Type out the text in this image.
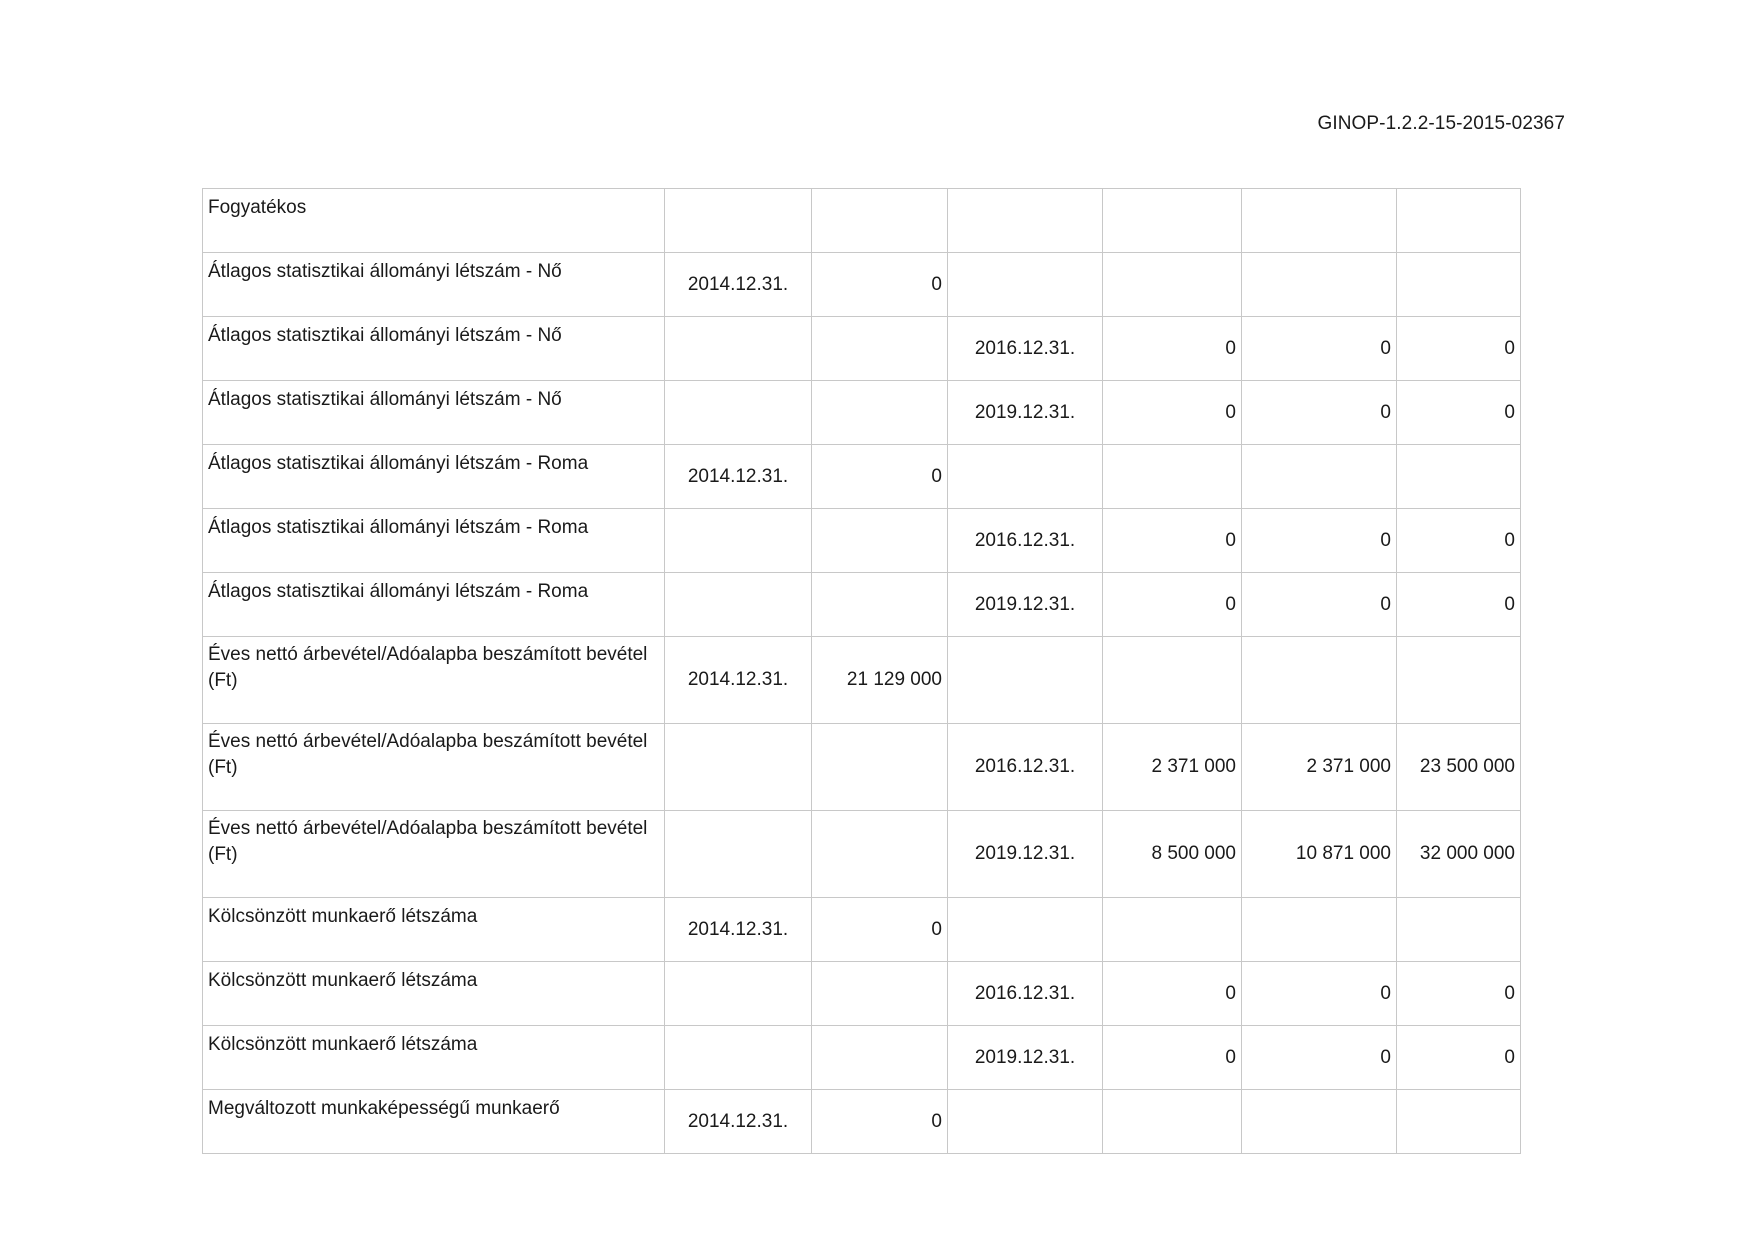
GINOP-1.2.2-15-2015-02367
Fogyatékos						
Átlagos statisztikai állományi létszám - Nő	2014.12.31.	0				
Átlagos statisztikai állományi létszám - Nő			2016.12.31.	0	0	0
Átlagos statisztikai állományi létszám - Nő			2019.12.31.	0	0	0
Átlagos statisztikai állományi létszám - Roma	2014.12.31.	0				
Átlagos statisztikai állományi létszám - Roma			2016.12.31.	0	0	0
Átlagos statisztikai állományi létszám - Roma			2019.12.31.	0	0	0
Éves nettó árbevétel/Adóalapba beszámított bevétel (Ft)	2014.12.31.	21 129 000				
Éves nettó árbevétel/Adóalapba beszámított bevétel (Ft)			2016.12.31.	2 371 000	2 371 000	23 500 000
Éves nettó árbevétel/Adóalapba beszámított bevétel (Ft)			2019.12.31.	8 500 000	10 871 000	32 000 000
Kölcsönzött munkaerő létszáma	2014.12.31.	0				
Kölcsönzött munkaerő létszáma			2016.12.31.	0	0	0
Kölcsönzött munkaerő létszáma			2019.12.31.	0	0	0
Megváltozott munkaképességű munkaerő	2014.12.31.	0				
